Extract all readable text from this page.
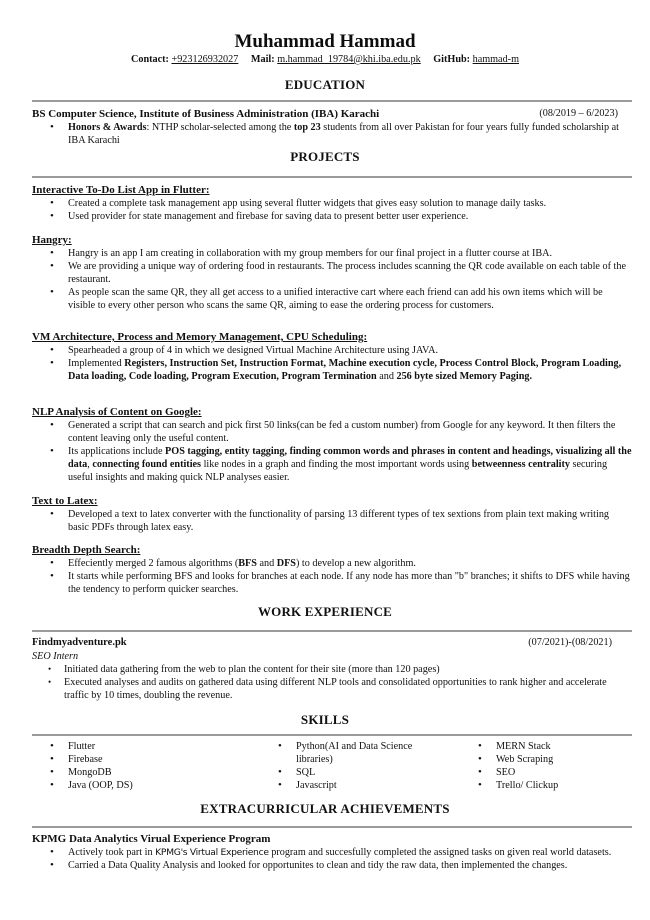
Muhammad Hammad
Contact: +923126932027 Mail: m.hammad_19784@khi.iba.edu.pk GitHub: hammad-m
EDUCATION
BS Computer Science, Institute of Business Administration (IBA) Karachi	(08/2019 – 6/2023)
• Honors & Awards: NTHP scholar-selected among the top 23 students from all over Pakistan for four years fully funded scholarship at IBA Karachi
PROJECTS
Interactive To-Do List App in Flutter:
• Created a complete task management app using several flutter widgets that gives easy solution to manage daily tasks.
• Used provider for state management and firebase for saving data to present better user experience.
Hangry:
• Hangry is an app I am creating in collaboration with my group members for our final project in a flutter course at IBA.
• We are providing a unique way of ordering food in restaurants. The process includes scanning the QR code available on each table of the restaurant.
• As people scan the same QR, they all get access to a unified interactive cart where each friend can add his own items which will be visible to every other person who scans the same QR, aiming to ease the ordering process for customers.
VM Architecture, Process and Memory Management, CPU Scheduling:
• Spearheaded a group of 4 in which we designed Virtual Machine Architecture using JAVA.
• Implemented Registers, Instruction Set, Instruction Format, Machine execution cycle, Process Control Block, Program Loading, Data loading, Code loading, Program Execution, Program Termination and 256 byte sized Memory Paging.
NLP Analysis of Content on Google:
• Generated a script that can search and pick first 50 links(can be fed a custom number) from Google for any keyword. It then filters the content leaving only the useful content.
• Its applications include POS tagging, entity tagging, finding common words and phrases in content and headings, visualizing all the data, connecting found entities like nodes in a graph and finding the most important words using betweenness centrality securing useful insights and making quick NLP analyses easier.
Text to Latex:
• Developed a text to latex converter with the functionality of parsing 13 different types of tex sextions from plain text making writing basic PDFs through latex easy.
Breadth Depth Search:
• Effeciently merged 2 famous algorithms (BFS and DFS) to develop a new algorithm.
• It starts while performing BFS and looks for branches at each node. If any node has more than "b" branches; it shifts to DFS while having the tendency to perform quicker searches.
WORK EXPERIENCE
Findmyadventure.pk	(07/2021)-(08/2021)
SEO Intern
• Initiated data gathering from the web to plan the content for their site (more than 120 pages)
• Executed analyses and audits on gathered data using different NLP tools and consolidated opportunities to rank higher and accelerate traffic by 10 times, doubling the revenue.
SKILLS
• Flutter
• Firebase
• MongoDB
• Java (OOP, DS)
• Python(AI and Data Science libraries)
• SQL
• Javascript
• MERN Stack
• Web Scraping
• SEO
• Trello/ Clickup
EXTRACURRICULAR ACHIEVEMENTS
KPMG Data Analytics Virual Experience Program
• Actively took part in KPMG's Virtual Experience program and succesfully completed the assigned tasks on given real world datasets.
• Carried a Data Quality Analysis and looked for opportunites to clean and tidy the raw data, then implemented the changes.
